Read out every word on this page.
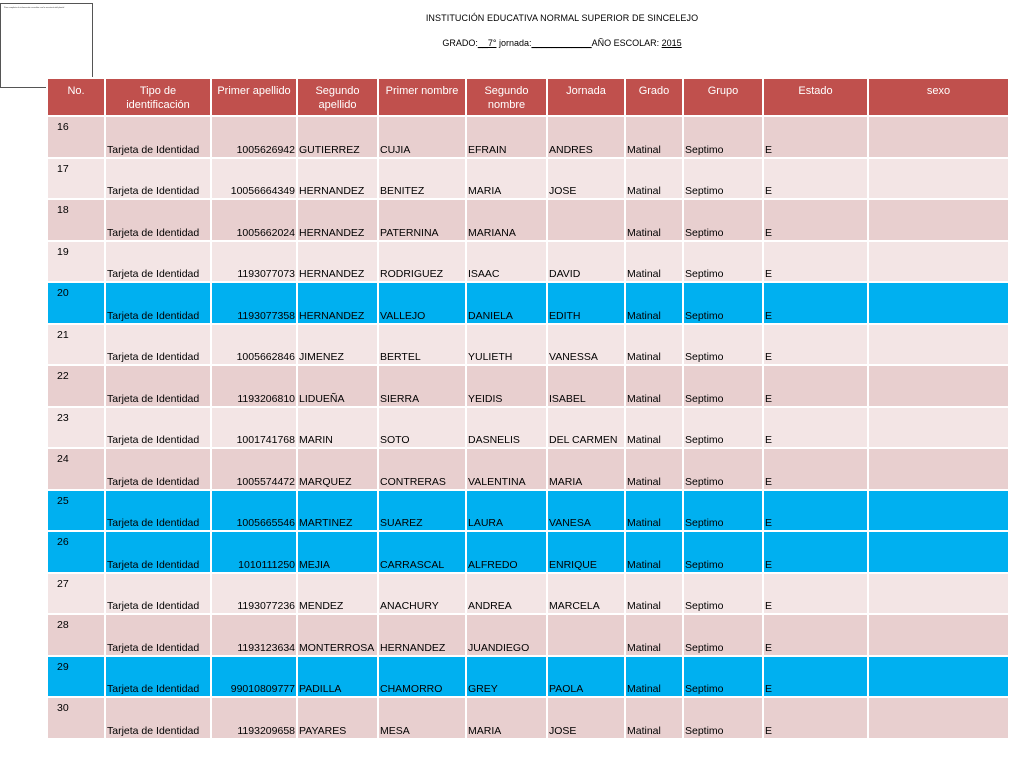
Para completar la información consultar con la secretaría del plantel
INSTITUCIÓN EDUCATIVA NORMAL SUPERIOR DE SINCELEJO
GRADO:__7° jornada:____________AÑO ESCOLAR: 2015
No.	Tipo de identificación	Primer apellido	Segundo apellido	Primer nombre	Segundo nombre	Jornada	Grado	Grupo	Estado	sexo	
16	Tarjeta de Identidad	1005626942	GUTIERREZ	CUJIA	EFRAIN	ANDRES	Matinal	Septimo	E		
17	Tarjeta de Identidad	10056664349	HERNANDEZ	BENITEZ	MARIA	JOSE	Matinal	Septimo	E		
18	Tarjeta de Identidad	1005662024	HERNANDEZ	PATERNINA	MARIANA		Matinal	Septimo	E		
19	Tarjeta de Identidad	1193077073	HERNANDEZ	RODRIGUEZ	ISAAC	DAVID	Matinal	Septimo	E		
20	Tarjeta de Identidad	1193077358	HERNANDEZ	VALLEJO	DANIELA	EDITH	Matinal	Septimo	E		
21	Tarjeta de Identidad	1005662846	JIMENEZ	BERTEL	YULIETH	VANESSA	Matinal	Septimo	E		
22	Tarjeta de Identidad	1193206810	LIDUEÑA	SIERRA	YEIDIS	ISABEL	Matinal	Septimo	E		
23	Tarjeta de Identidad	1001741768	MARIN	SOTO	DASNELIS	DEL CARMEN	Matinal	Septimo	E		
24	Tarjeta de Identidad	1005574472	MARQUEZ	CONTRERAS	VALENTINA	MARIA	Matinal	Septimo	E		
25	Tarjeta de Identidad	1005665546	MARTINEZ	SUAREZ	LAURA	VANESA	Matinal	Septimo	E		
26	Tarjeta de Identidad	1010111250	MEJIA	CARRASCAL	ALFREDO	ENRIQUE	Matinal	Septimo	E		
27	Tarjeta de Identidad	1193077236	MENDEZ	ANACHURY	ANDREA	MARCELA	Matinal	Septimo	E		
28	Tarjeta de Identidad	1193123634	MONTERROSA	HERNANDEZ	JUANDIEGO		Matinal	Septimo	E		
29	Tarjeta de Identidad	99010809777	PADILLA	CHAMORRO	GREY	PAOLA	Matinal	Septimo	E		
30	Tarjeta de Identidad	1193209658	PAYARES	MESA	MARIA	JOSE	Matinal	Septimo	E		
